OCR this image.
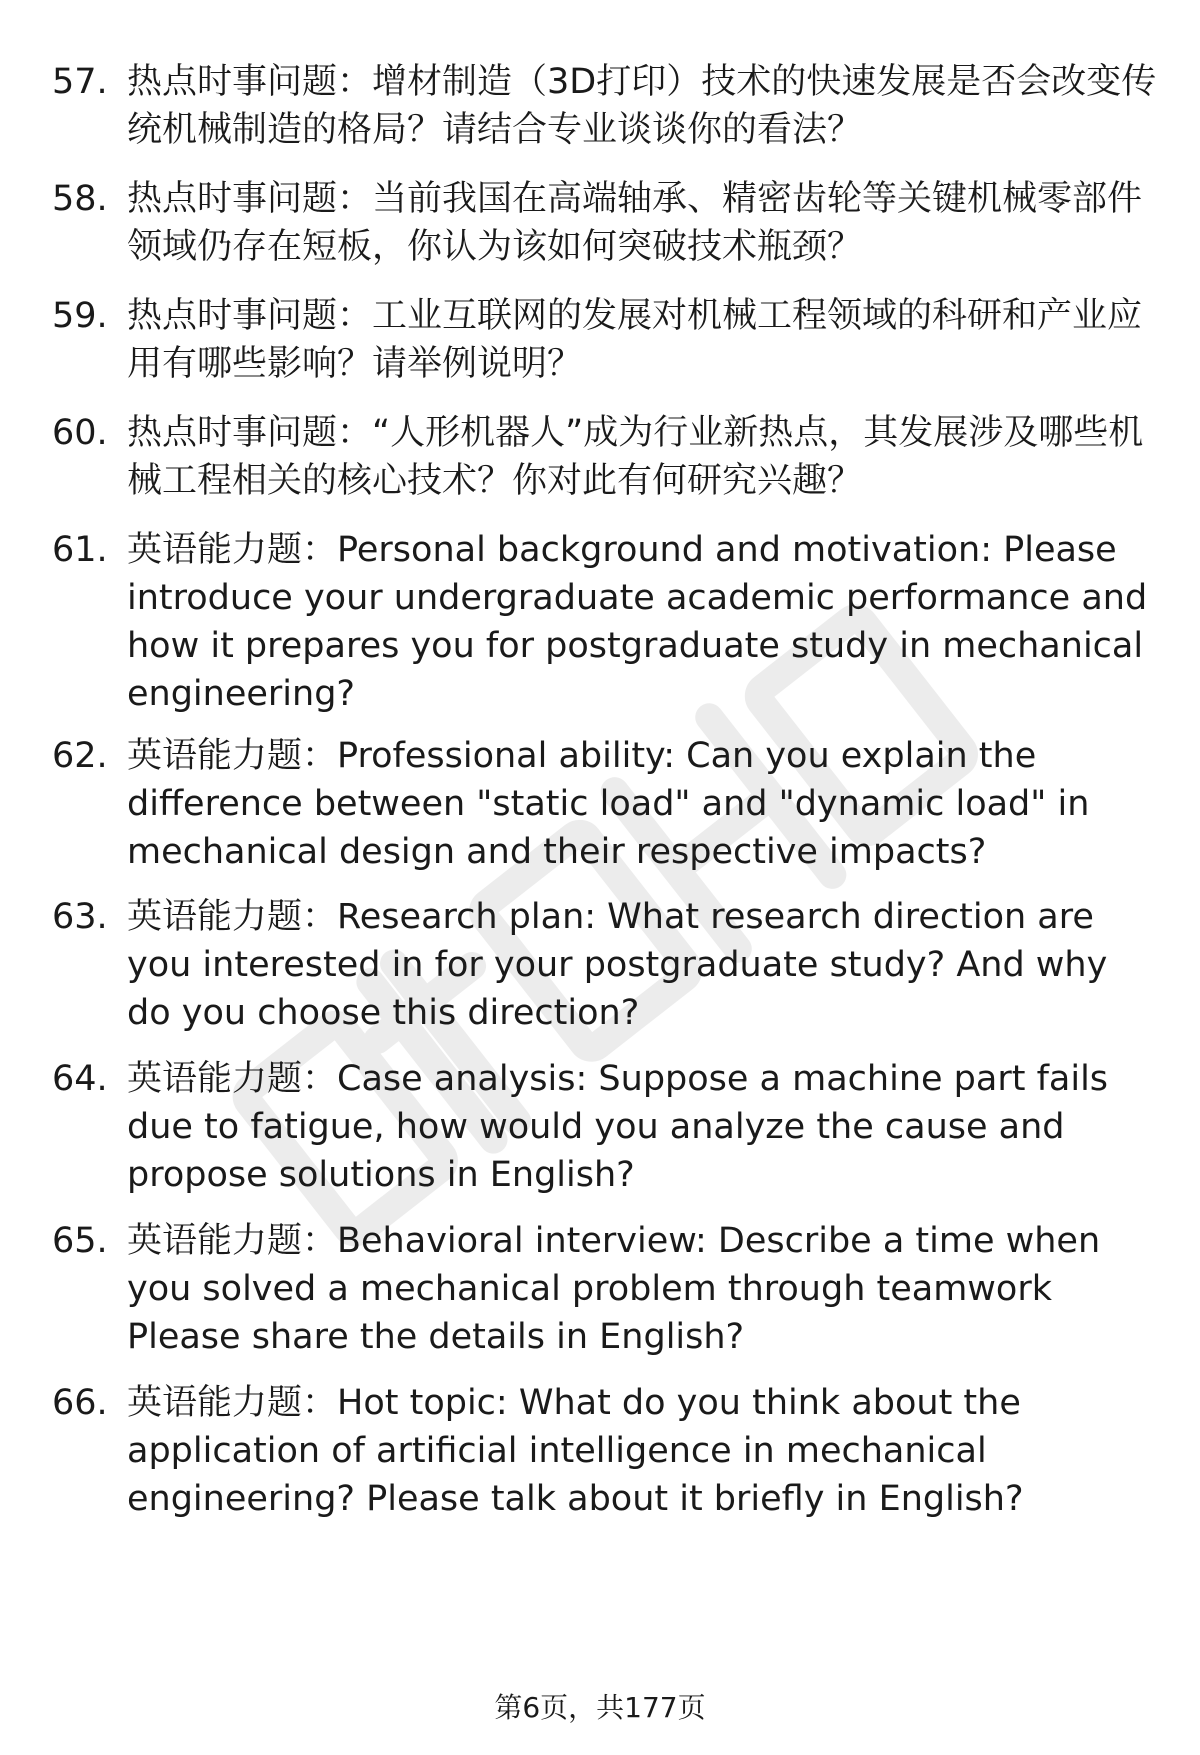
57. 热点时事问题：增材制造（3D打印）技术的快速发展是否会改变传统机械制造的格局？请结合专业谈谈你的看法？
58. 热点时事问题：当前我国在高端轴承、精密齿轮等关键机械零部件领域仍存在短板，你认为该如何突破技术瓶颈？
59. 热点时事问题：工业互联网的发展对机械工程领域的科研和产业应用有哪些影响？请举例说明？
60. 热点时事问题：“人形机器人”成为行业新热点，其发展涉及哪些机械工程相关的核心技术？你对此有何研究兴趣？
61. 英语能力题：Personal background and motivation: Please introduce your undergraduate academic performance and how it prepares you for postgraduate study in mechanical engineering?
62. 英语能力题：Professional ability: Can you explain the difference between "static load" and "dynamic load" in mechanical design and their respective impacts?
63. 英语能力题：Research plan: What research direction are you interested in for your postgraduate study? And why do you choose this direction?
64. 英语能力题：Case analysis: Suppose a machine part fails due to fatigue, how would you analyze the cause and propose solutions in English?
65. 英语能力题：Behavioral interview: Describe a time when you solved a mechanical problem through teamwork Please share the details in English?
66. 英语能力题：Hot topic: What do you think about the application of artificial intelligence in mechanical engineering? Please talk about it briefly in English?
第6页，共177页
